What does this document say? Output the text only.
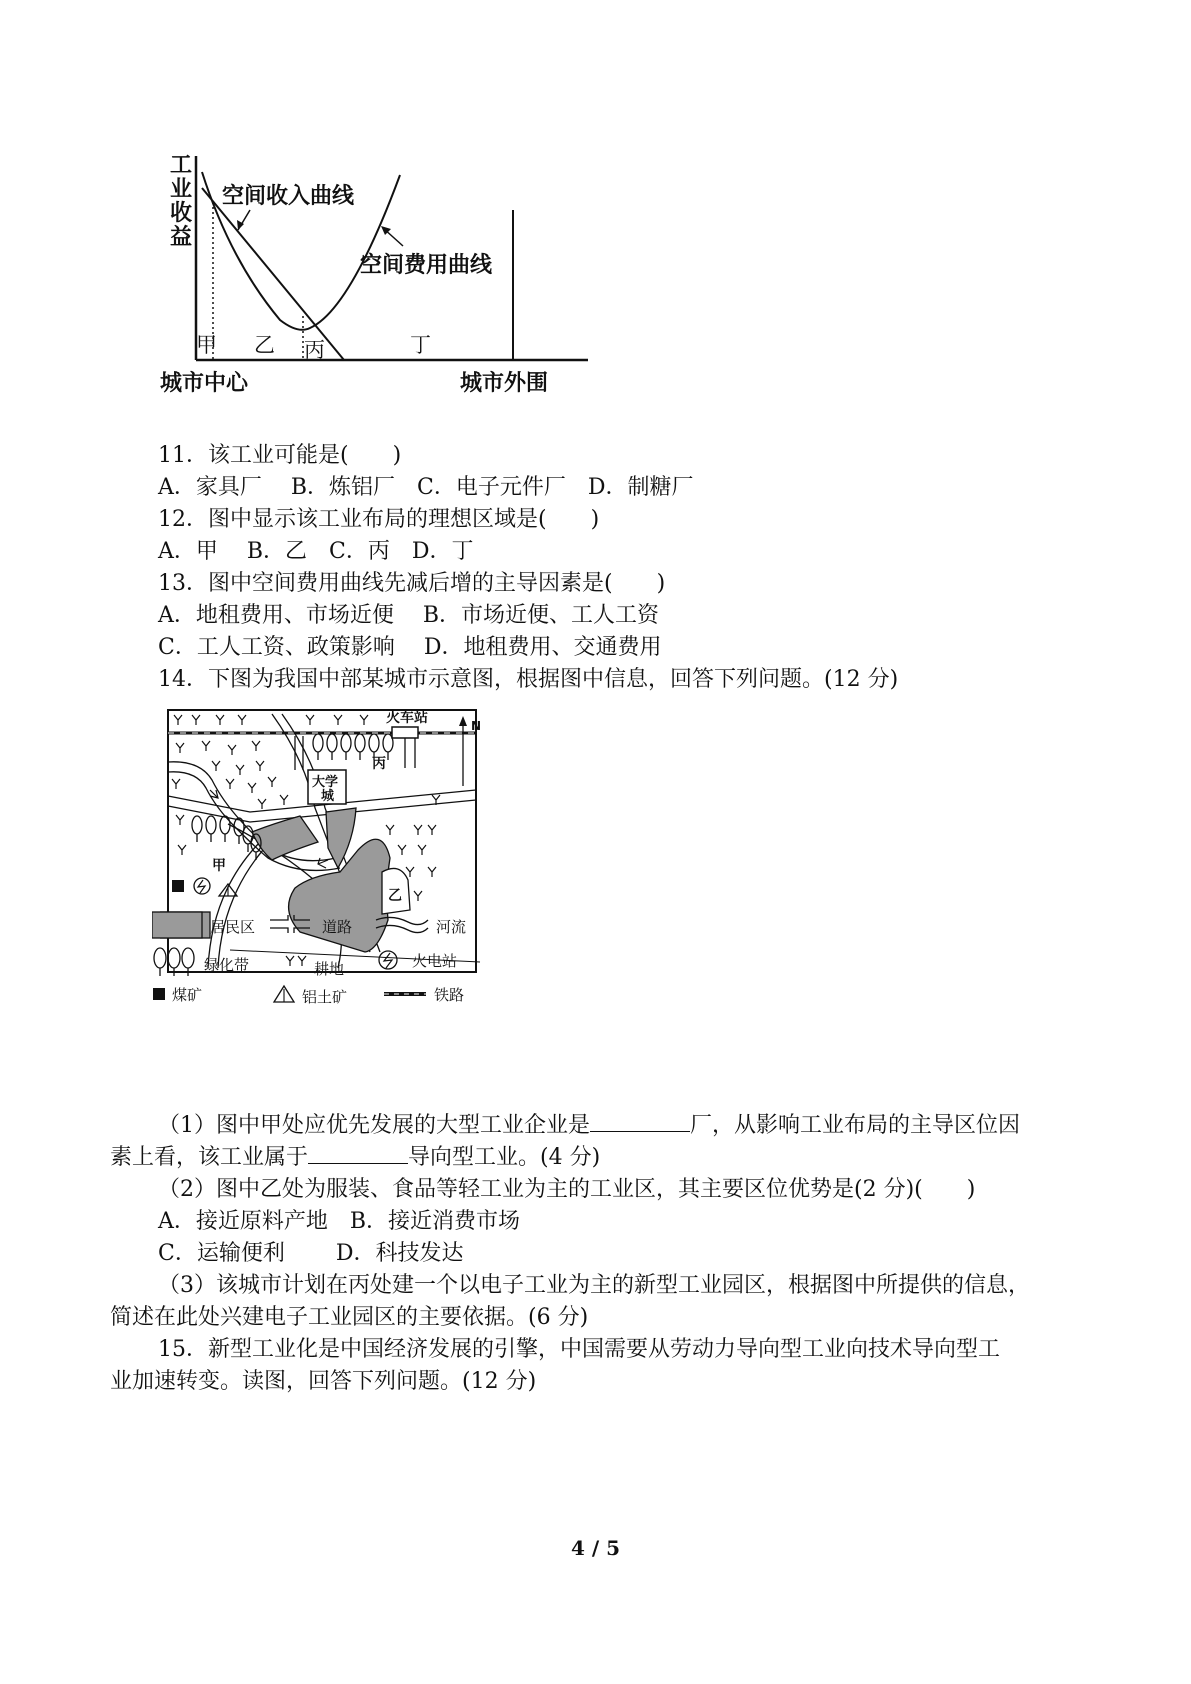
工
业
收
益
空间收入曲线
空间费用曲线
甲 乙 丙	丁
城市中心	城市外围
11．该工业可能是(　　)
A．家具厂　 B．炼铝厂　C．电子元件厂　D．制糖厂
12．图中显示该工业布局的理想区域是(　　)
A．甲　 B．乙　C．丙　D．丁
13．图中空间费用曲线先减后增的主导因素是(　　)
A．地租费用、市场近便　 B．市场近便、工人工资
C．工人工资、政策影响　 D．地租费用、交通费用
14．下图为我国中部某城市示意图，根据图中信息，回答下列问题。(12 分)
火车站	N
大学
城
丙
乙
甲
居民区	道路	河流
绿化带	耕地	火电站
煤矿	铝土矿	铁路
（1）图中甲处应优先发展的大型工业企业是	厂，从影响工业布局的主导区位因
素上看，该工业属于	导向型工业。(4 分)
（2）图中乙处为服装、食品等轻工业为主的工业区，其主要区位优势是(2 分)(　　)
A．接近原料产地　B．接近消费市场
C．运输便利　　 D．科技发达
（3）该城市计划在丙处建一个以电子工业为主的新型工业园区，根据图中所提供的信息，
简述在此处兴建电子工业园区的主要依据。(6 分)
15．新型工业化是中国经济发展的引擎，中国需要从劳动力导向型工业向技术导向型工
业加速转变。读图，回答下列问题。(12 分)
4 / 5
